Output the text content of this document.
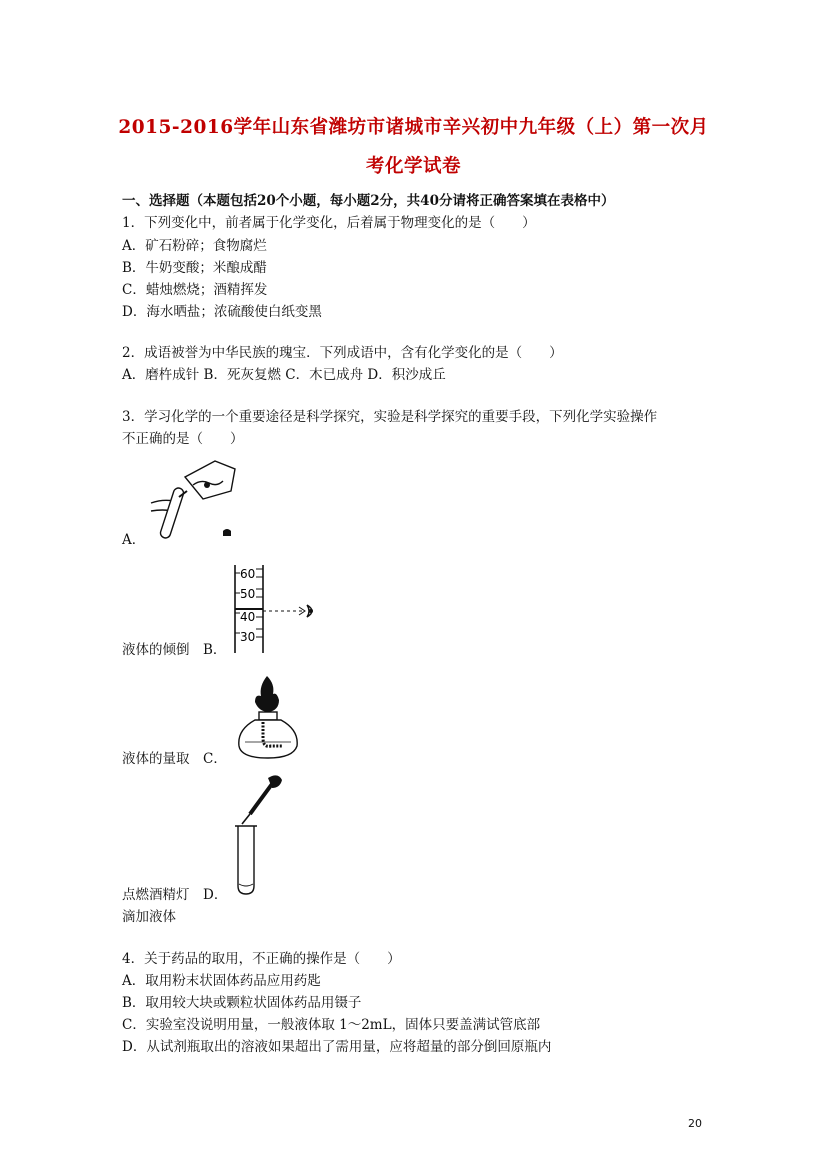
2015-2016学年山东省潍坊市诸城市辛兴初中九年级（上）第一次月
考化学试卷
一、选择题（本题包括20个小题，每小题2分，共40分请将正确答案填在表格中）
1．下列变化中，前者属于化学变化，后着属于物理变化的是（　　）
A．矿石粉碎；食物腐烂
B．牛奶变酸；米酿成醋
C．蜡烛燃烧；酒精挥发
D．海水晒盐；浓硫酸使白纸变黑
2．成语被誉为中华民族的瑰宝．下列成语中，含有化学变化的是（　　）
A．磨杵成针 B．死灰复燃 C．木已成舟 D．积沙成丘
3．学习化学的一个重要途径是科学探究，实验是科学探究的重要手段，下列化学实验操作
不正确的是（　　）
A．
60
50
40
30
液体的倾倒　B．
液体的量取　C．
点燃酒精灯　D．
滴加液体
4．关于药品的取用，不正确的操作是（　　）
A．取用粉末状固体药品应用药匙
B．取用较大块或颗粒状固体药品用镊子
C．实验室没说明用量，一般液体取 1～2mL，固体只要盖满试管底部
D．从试剂瓶取出的溶液如果超出了需用量，应将超量的部分倒回原瓶内
20
